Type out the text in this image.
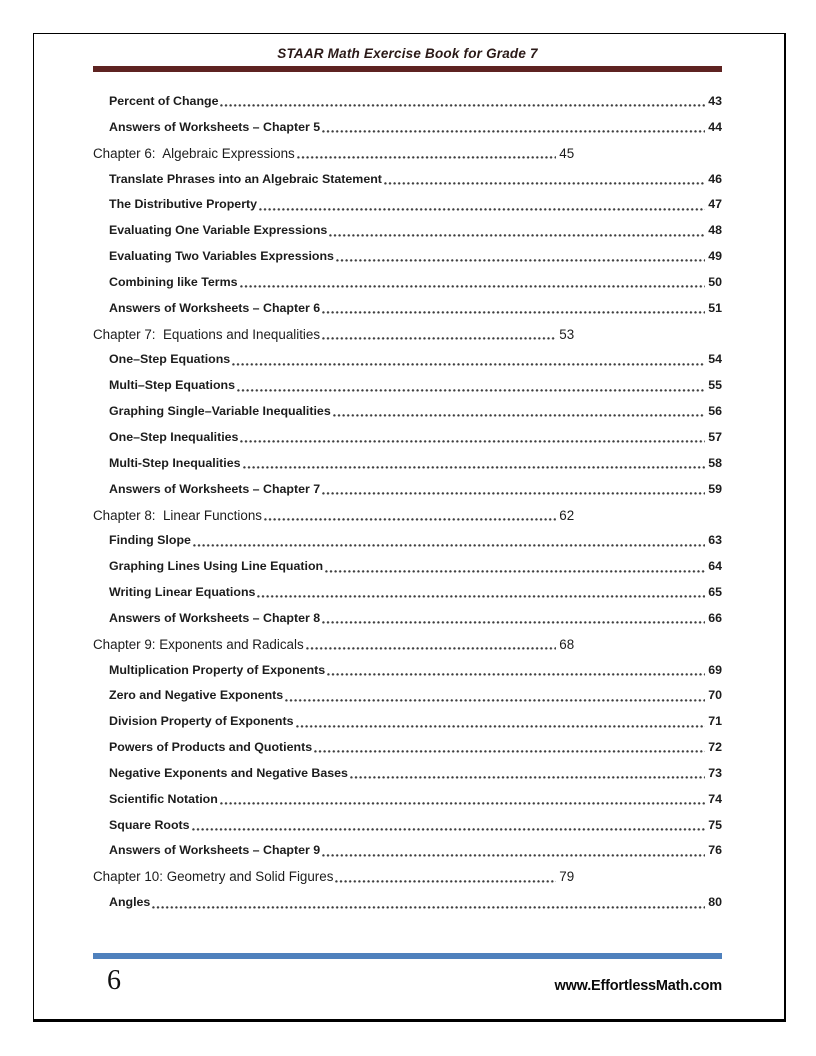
STAAR Math Exercise Book for Grade 7
Percent of Change	43
Answers of Worksheets – Chapter 5	44
Chapter 6:  Algebraic Expressions	45
Translate Phrases into an Algebraic Statement	46
The Distributive Property	47
Evaluating One Variable Expressions	48
Evaluating Two Variables Expressions	49
Combining like Terms	50
Answers of Worksheets – Chapter 6	51
Chapter 7:  Equations and Inequalities	53
One–Step Equations	54
Multi–Step Equations	55
Graphing Single–Variable Inequalities	56
One–Step Inequalities	57
Multi-Step Inequalities	58
Answers of Worksheets – Chapter 7	59
Chapter 8:  Linear Functions	62
Finding Slope	63
Graphing Lines Using Line Equation	64
Writing Linear Equations	65
Answers of Worksheets – Chapter 8	66
Chapter 9: Exponents and Radicals	68
Multiplication Property of Exponents	69
Zero and Negative Exponents	70
Division Property of Exponents	71
Powers of Products and Quotients	72
Negative Exponents and Negative Bases	73
Scientific Notation	74
Square Roots	75
Answers of Worksheets – Chapter 9	76
Chapter 10: Geometry and Solid Figures	79
Angles	80
6	www.EffortlessMath.com
